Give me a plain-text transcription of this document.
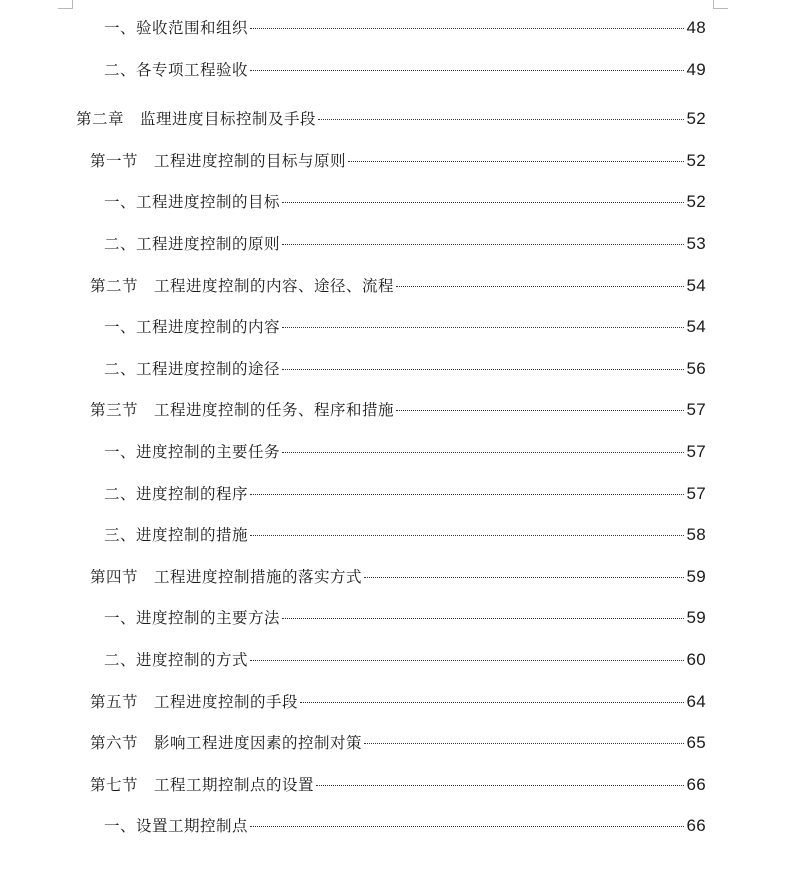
一、验收范围和组织	48
二、各专项工程验收	49
第二章 监理进度目标控制及手段	52
第一节 工程进度控制的目标与原则	52
一、工程进度控制的目标	52
二、工程进度控制的原则	53
第二节 工程进度控制的内容、途径、流程	54
一、工程进度控制的内容	54
二、工程进度控制的途径	56
第三节 工程进度控制的任务、程序和措施	57
一、进度控制的主要任务	57
二、进度控制的程序	57
三、进度控制的措施	58
第四节 工程进度控制措施的落实方式	59
一、进度控制的主要方法	59
二、进度控制的方式	60
第五节 工程进度控制的手段	64
第六节 影响工程进度因素的控制对策	65
第七节 工程工期控制点的设置	66
一、设置工期控制点	66
